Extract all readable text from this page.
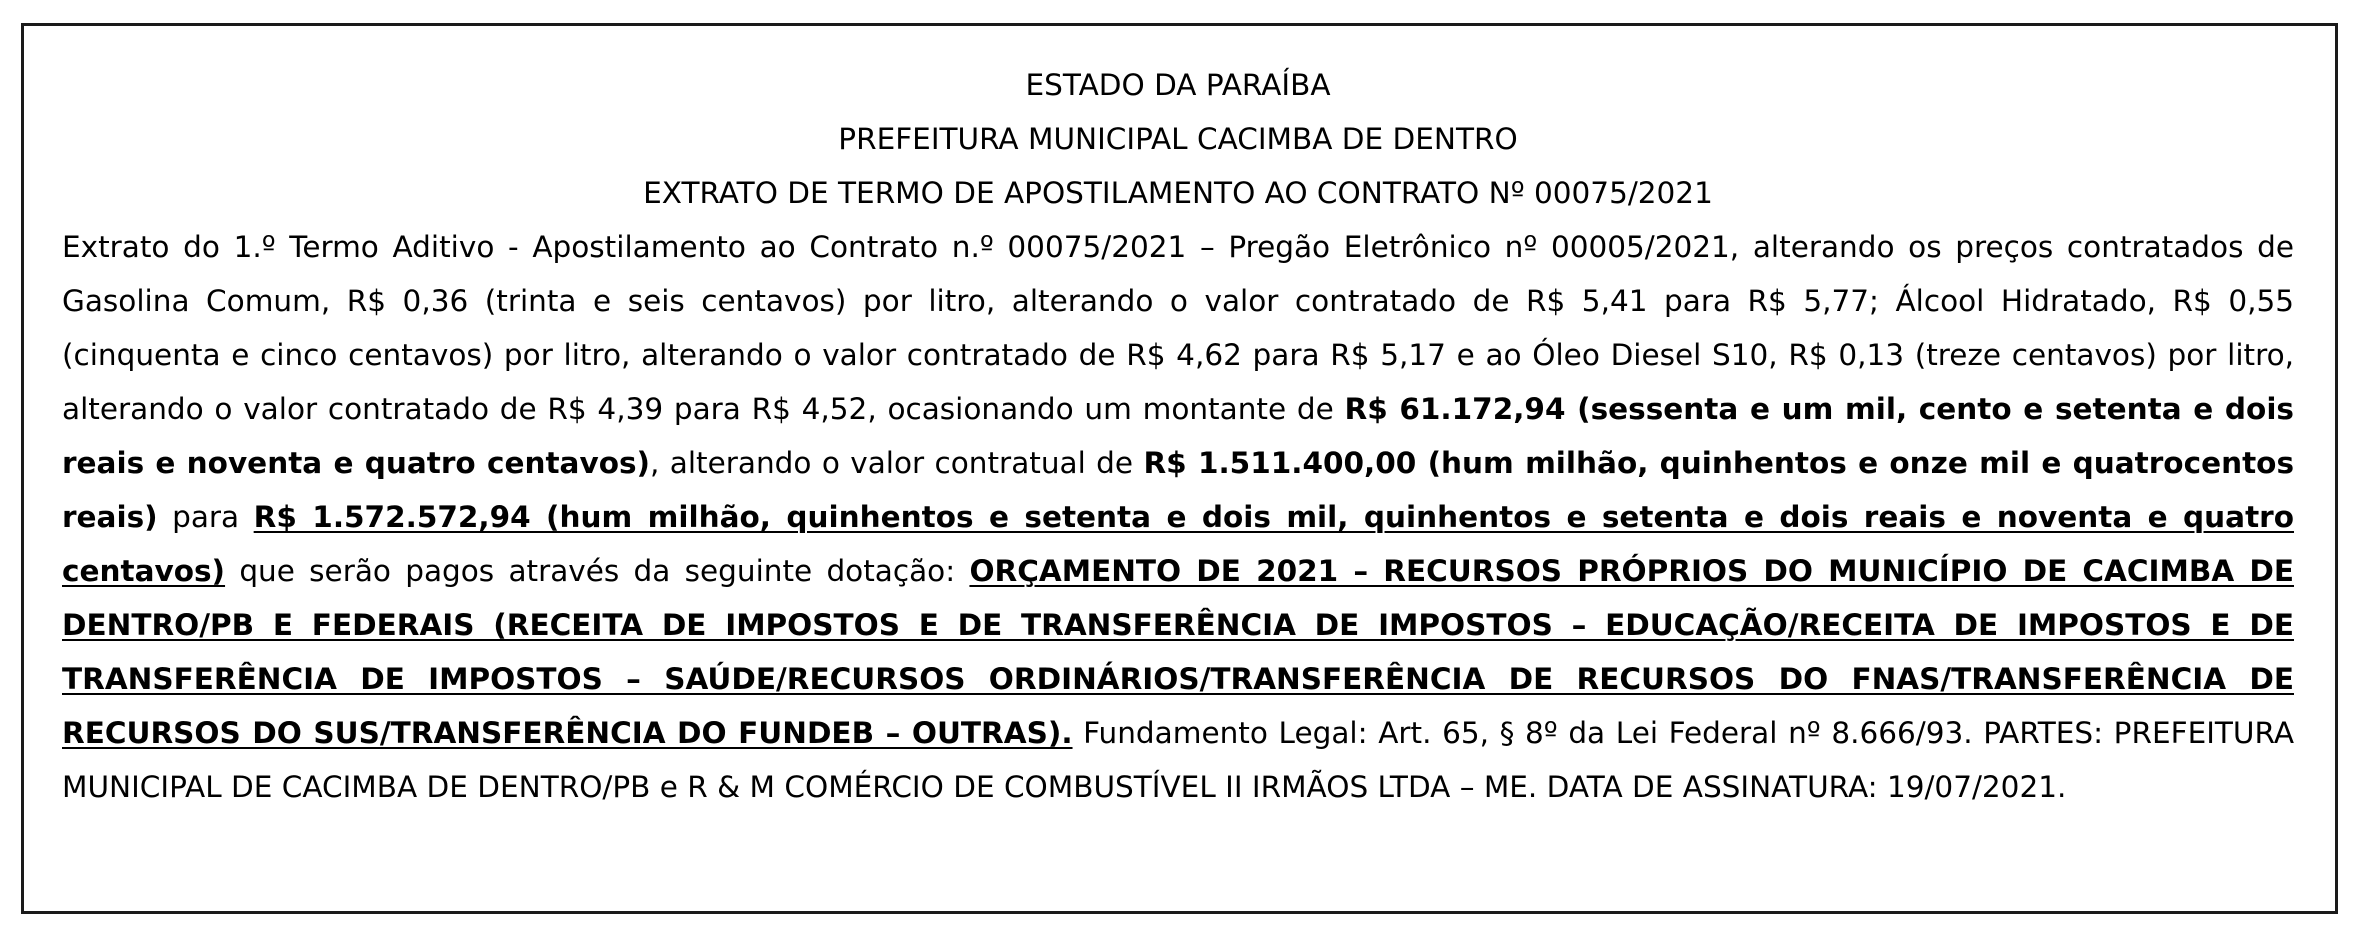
ESTADO DA PARAÍBA
PREFEITURA MUNICIPAL CACIMBA DE DENTRO
EXTRATO DE TERMO DE APOSTILAMENTO AO CONTRATO Nº 00075/2021

Extrato do 1.º Termo Aditivo - Apostilamento ao Contrato n.º 00075/2021 – Pregão Eletrônico nº 00005/2021, alterando os preços contratados de Gasolina Comum, R$ 0,36 (trinta e seis centavos) por litro, alterando o valor contratado de R$ 5,41 para R$ 5,77; Álcool Hidratado, R$ 0,55 (cinquenta e cinco centavos) por litro, alterando o valor contratado de R$ 4,62 para R$ 5,17 e ao Óleo Diesel S10, R$ 0,13 (treze centavos) por litro, alterando o valor contratado de R$ 4,39 para R$ 4,52, ocasionando um montante de R$ 61.172,94 (sessenta e um mil, cento e setenta e dois reais e noventa e quatro centavos), alterando o valor contratual de R$ 1.511.400,00 (hum milhão, quinhentos e onze mil e quatrocentos reais) para R$ 1.572.572,94 (hum milhão, quinhentos e setenta e dois mil, quinhentos e setenta e dois reais e noventa e quatro centavos) que serão pagos através da seguinte dotação: ORÇAMENTO DE 2021 – RECURSOS PRÓPRIOS DO MUNICÍPIO DE CACIMBA DE DENTRO/PB E FEDERAIS (RECEITA DE IMPOSTOS E DE TRANSFERÊNCIA DE IMPOSTOS – EDUCAÇÃO/RECEITA DE IMPOSTOS E DE TRANSFERÊNCIA DE IMPOSTOS – SAÚDE/RECURSOS ORDINÁRIOS/TRANSFERÊNCIA DE RECURSOS DO FNAS/TRANSFERÊNCIA DE RECURSOS DO SUS/TRANSFERÊNCIA DO FUNDEB – OUTRAS). Fundamento Legal: Art. 65, § 8º da Lei Federal nº 8.666/93. PARTES: PREFEITURA MUNICIPAL DE CACIMBA DE DENTRO/PB e R & M COMÉRCIO DE COMBUSTÍVEL II IRMÃOS LTDA – ME. DATA DE ASSINATURA: 19/07/2021.
